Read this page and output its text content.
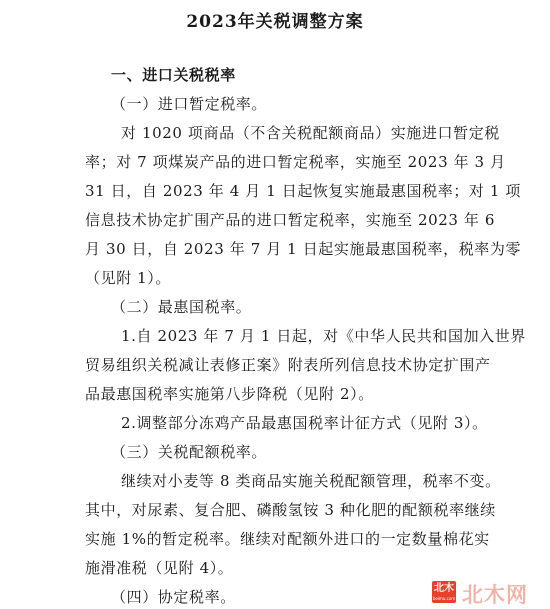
2023年关税调整方案
一、进口关税税率
（一）进口暂定税率。
对 1020 项商品（不含关税配额商品）实施进口暂定税
率；对 7 项煤炭产品的进口暂定税率，实施至 2023 年 3 月
31 日，自 2023 年 4 月 1 日起恢复实施最惠国税率；对 1 项
信息技术协定扩围产品的进口暂定税率，实施至 2023 年 6
月 30 日，自 2023 年 7 月 1 日起实施最惠国税率，税率为零
（见附 1）。
（二）最惠国税率。
1.自 2023 年 7 月 1 日起，对《中华人民共和国加入世界
贸易组织关税减让表修正案》附表所列信息技术协定扩围产
品最惠国税率实施第八步降税（见附 2）。
2.调整部分冻鸡产品最惠国税率计征方式（见附 3）。
（三）关税配额税率。
继续对小麦等 8 类商品实施关税配额管理，税率不变。
其中，对尿素、复合肥、磷酸氢铵 3 种化肥的配额税率继续
实施 1%的暂定税率。继续对配额外进口的一定数量棉花实
施滑准税（见附 4）。
（四）协定税率。	北木
beimu.com 北木网
